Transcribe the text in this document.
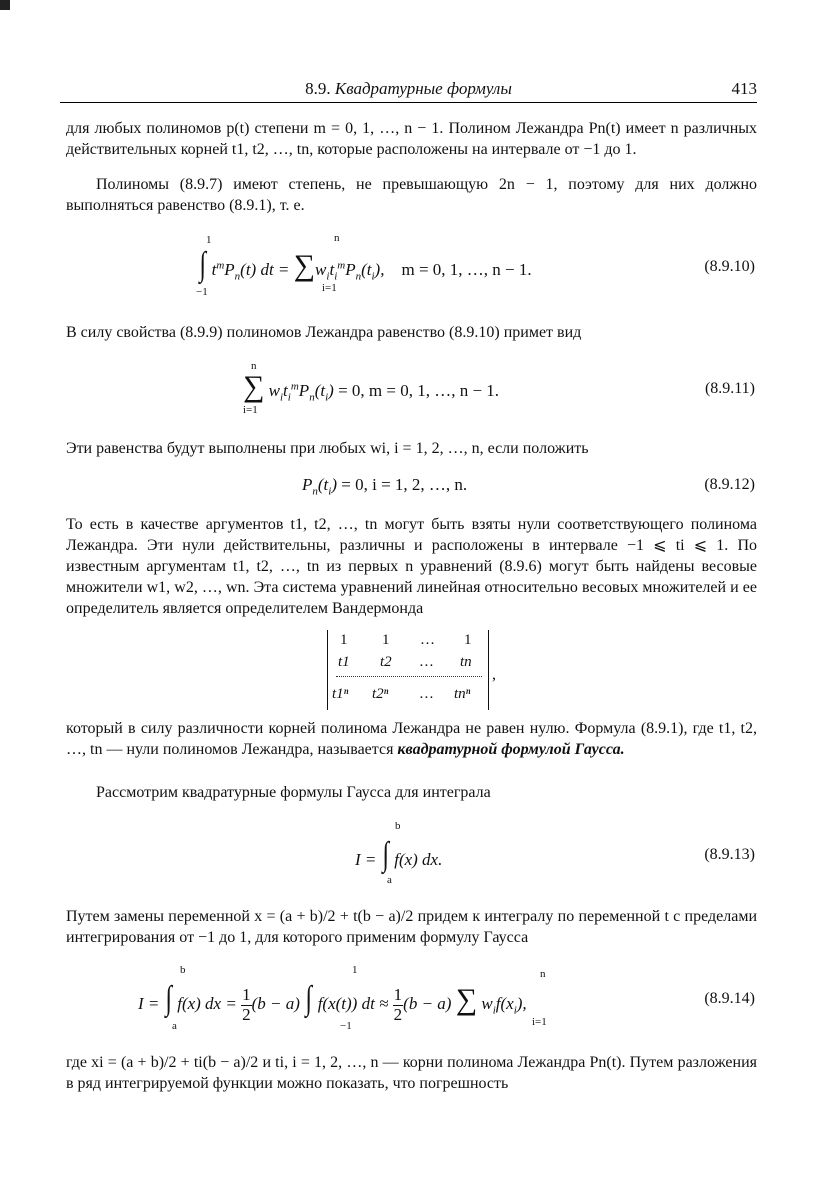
8.9. Квадратурные формулы	413
для любых полиномов p(t) степени m = 0, 1, …, n − 1. Полином Лежандра Pn(t) имеет n различных действительных корней t1, t2, …, tn, которые расположены на интервале от −1 до 1.
Полиномы (8.9.7) имеют степень, не превышающую 2n − 1, поэтому для них должно выполняться равенство (8.9.1), т. е.
∫
1
−1
$t^mP_n(t)$ dt = ∑
n
i=1
$w_it_i^mP_n(t_i)$,    m = 0, 1, …, n − 1.	(8.9.10)
В силу свойства (8.9.9) полиномов Лежандра равенство (8.9.10) примет вид
∑
n
i=1
$w_it_i^mP_n(t_i) = 0$, m = 0, 1, …, n − 1.	(8.9.11)
Эти равенства будут выполнены при любых wi, i = 1, 2, …, n, если положить
$P_n(t_i) = 0$, i = 1, 2, …, n.	(8.9.12)
То есть в качестве аргументов t1, t2, …, tn могут быть взяты нули соответствующего полинома Лежандра. Эти нули действительны, различны и расположены в интервале −1 ⩽ ti ⩽ 1. По известным аргументам t1, t2, …, tn из первых n уравнений (8.9.6) могут быть найдены весовые множители w1, w2, …, wn. Эта система уравнений линейная относительно весовых множителей и ее определитель является определителем Вандермонда
1 1 … 1
t1 t2 … tn
t1ⁿ t2ⁿ … tnⁿ
,
который в силу различности корней полинома Лежандра не равен нулю. Формула (8.9.1), где t1, t2, …, tn — нули полиномов Лежандра, называется квадратурной формулой Гаусса.
Рассмотрим квадратурные формулы Гаусса для интеграла
I = ∫
b
a
f(x) dx.	(8.9.13)
Путем замены переменной x = (a + b)/2 + t(b − a)/2 придем к интегралу по переменной t с пределами интегрирования от −1 до 1, для которого применим формулу Гаусса
I = ∫
b
a
f(x) dx = $\frac{1}{2} (b - a)$ ∫
1
−1
f(x(t)) dt ≈ $\frac{1}{2} (b - a)$ ∑
n
i=1
$w_if(x_i)$,	(8.9.14)
где xi = (a + b)/2 + ti(b − a)/2 и ti, i = 1, 2, …, n — корни полинома Лежандра Pn(t). Путем разложения в ряд интегрируемой функции можно показать, что погрешность
